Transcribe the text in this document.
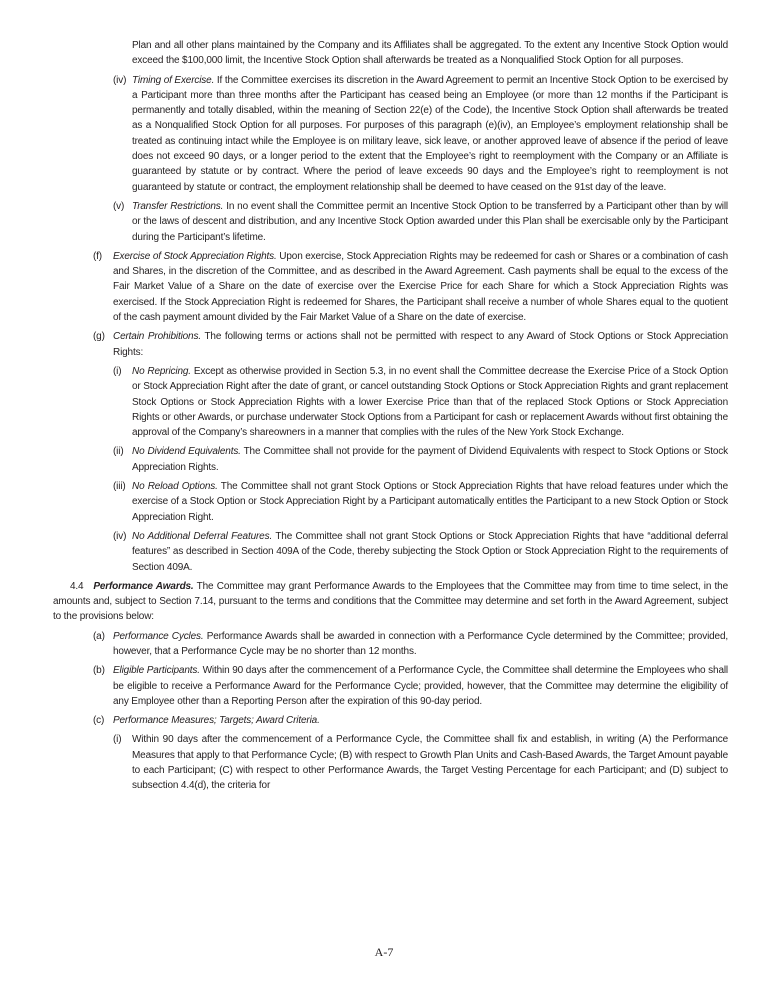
Plan and all other plans maintained by the Company and its Affiliates shall be aggregated. To the extent any Incentive Stock Option would exceed the $100,000 limit, the Incentive Stock Option shall afterwards be treated as a Nonqualified Stock Option for all purposes.
(iv) Timing of Exercise. If the Committee exercises its discretion in the Award Agreement to permit an Incentive Stock Option to be exercised by a Participant more than three months after the Participant has ceased being an Employee (or more than 12 months if the Participant is permanently and totally disabled, within the meaning of Section 22(e) of the Code), the Incentive Stock Option shall afterwards be treated as a Nonqualified Stock Option for all purposes. For purposes of this paragraph (e)(iv), an Employee’s employment relationship shall be treated as continuing intact while the Employee is on military leave, sick leave, or another approved leave of absence if the period of leave does not exceed 90 days, or a longer period to the extent that the Employee’s right to reemployment with the Company or an Affiliate is guaranteed by statute or by contract. Where the period of leave exceeds 90 days and the Employee’s right to reemployment is not guaranteed by statute or contract, the employment relationship shall be deemed to have ceased on the 91st day of the leave.
(v) Transfer Restrictions. In no event shall the Committee permit an Incentive Stock Option to be transferred by a Participant other than by will or the laws of descent and distribution, and any Incentive Stock Option awarded under this Plan shall be exercisable only by the Participant during the Participant’s lifetime.
(f) Exercise of Stock Appreciation Rights. Upon exercise, Stock Appreciation Rights may be redeemed for cash or Shares or a combination of cash and Shares, in the discretion of the Committee, and as described in the Award Agreement. Cash payments shall be equal to the excess of the Fair Market Value of a Share on the date of exercise over the Exercise Price for each Share for which a Stock Appreciation Rights was exercised. If the Stock Appreciation Right is redeemed for Shares, the Participant shall receive a number of whole Shares equal to the quotient of the cash payment amount divided by the Fair Market Value of a Share on the date of exercise.
(g) Certain Prohibitions. The following terms or actions shall not be permitted with respect to any Award of Stock Options or Stock Appreciation Rights:
(i) No Repricing. Except as otherwise provided in Section 5.3, in no event shall the Committee decrease the Exercise Price of a Stock Option or Stock Appreciation Right after the date of grant, or cancel outstanding Stock Options or Stock Appreciation Rights and grant replacement Stock Options or Stock Appreciation Rights with a lower Exercise Price than that of the replaced Stock Options or Stock Appreciation Rights or other Awards, or purchase underwater Stock Options from a Participant for cash or replacement Awards without first obtaining the approval of the Company’s shareowners in a manner that complies with the rules of the New York Stock Exchange.
(ii) No Dividend Equivalents. The Committee shall not provide for the payment of Dividend Equivalents with respect to Stock Options or Stock Appreciation Rights.
(iii) No Reload Options. The Committee shall not grant Stock Options or Stock Appreciation Rights that have reload features under which the exercise of a Stock Option or Stock Appreciation Right by a Participant automatically entitles the Participant to a new Stock Option or Stock Appreciation Right.
(iv) No Additional Deferral Features. The Committee shall not grant Stock Options or Stock Appreciation Rights that have “additional deferral features” as described in Section 409A of the Code, thereby subjecting the Stock Option or Stock Appreciation Right to the requirements of Section 409A.
4.4 Performance Awards. The Committee may grant Performance Awards to the Employees that the Committee may from time to time select, in the amounts and, subject to Section 7.14, pursuant to the terms and conditions that the Committee may determine and set forth in the Award Agreement, subject to the provisions below:
(a) Performance Cycles. Performance Awards shall be awarded in connection with a Performance Cycle determined by the Committee; provided, however, that a Performance Cycle may be no shorter than 12 months.
(b) Eligible Participants. Within 90 days after the commencement of a Performance Cycle, the Committee shall determine the Employees who shall be eligible to receive a Performance Award for the Performance Cycle; provided, however, that the Committee may determine the eligibility of any Employee other than a Reporting Person after the expiration of this 90-day period.
(c) Performance Measures; Targets; Award Criteria.
(i) Within 90 days after the commencement of a Performance Cycle, the Committee shall fix and establish, in writing (A) the Performance Measures that apply to that Performance Cycle; (B) with respect to Growth Plan Units and Cash-Based Awards, the Target Amount payable to each Participant; (C) with respect to other Performance Awards, the Target Vesting Percentage for each Participant; and (D) subject to subsection 4.4(d), the criteria for
A-7
